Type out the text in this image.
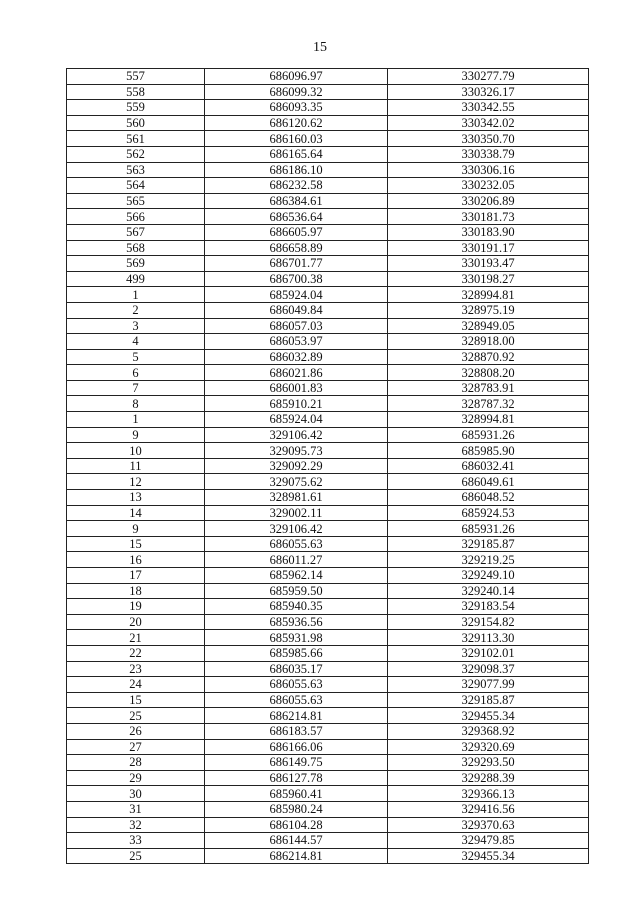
15
557	686096.97	330277.79
558	686099.32	330326.17
559	686093.35	330342.55
560	686120.62	330342.02
561	686160.03	330350.70
562	686165.64	330338.79
563	686186.10	330306.16
564	686232.58	330232.05
565	686384.61	330206.89
566	686536.64	330181.73
567	686605.97	330183.90
568	686658.89	330191.17
569	686701.77	330193.47
499	686700.38	330198.27
1	685924.04	328994.81
2	686049.84	328975.19
3	686057.03	328949.05
4	686053.97	328918.00
5	686032.89	328870.92
6	686021.86	328808.20
7	686001.83	328783.91
8	685910.21	328787.32
1	685924.04	328994.81
9	329106.42	685931.26
10	329095.73	685985.90
11	329092.29	686032.41
12	329075.62	686049.61
13	328981.61	686048.52
14	329002.11	685924.53
9	329106.42	685931.26
15	686055.63	329185.87
16	686011.27	329219.25
17	685962.14	329249.10
18	685959.50	329240.14
19	685940.35	329183.54
20	685936.56	329154.82
21	685931.98	329113.30
22	685985.66	329102.01
23	686035.17	329098.37
24	686055.63	329077.99
15	686055.63	329185.87
25	686214.81	329455.34
26	686183.57	329368.92
27	686166.06	329320.69
28	686149.75	329293.50
29	686127.78	329288.39
30	685960.41	329366.13
31	685980.24	329416.56
32	686104.28	329370.63
33	686144.57	329479.85
25	686214.81	329455.34
